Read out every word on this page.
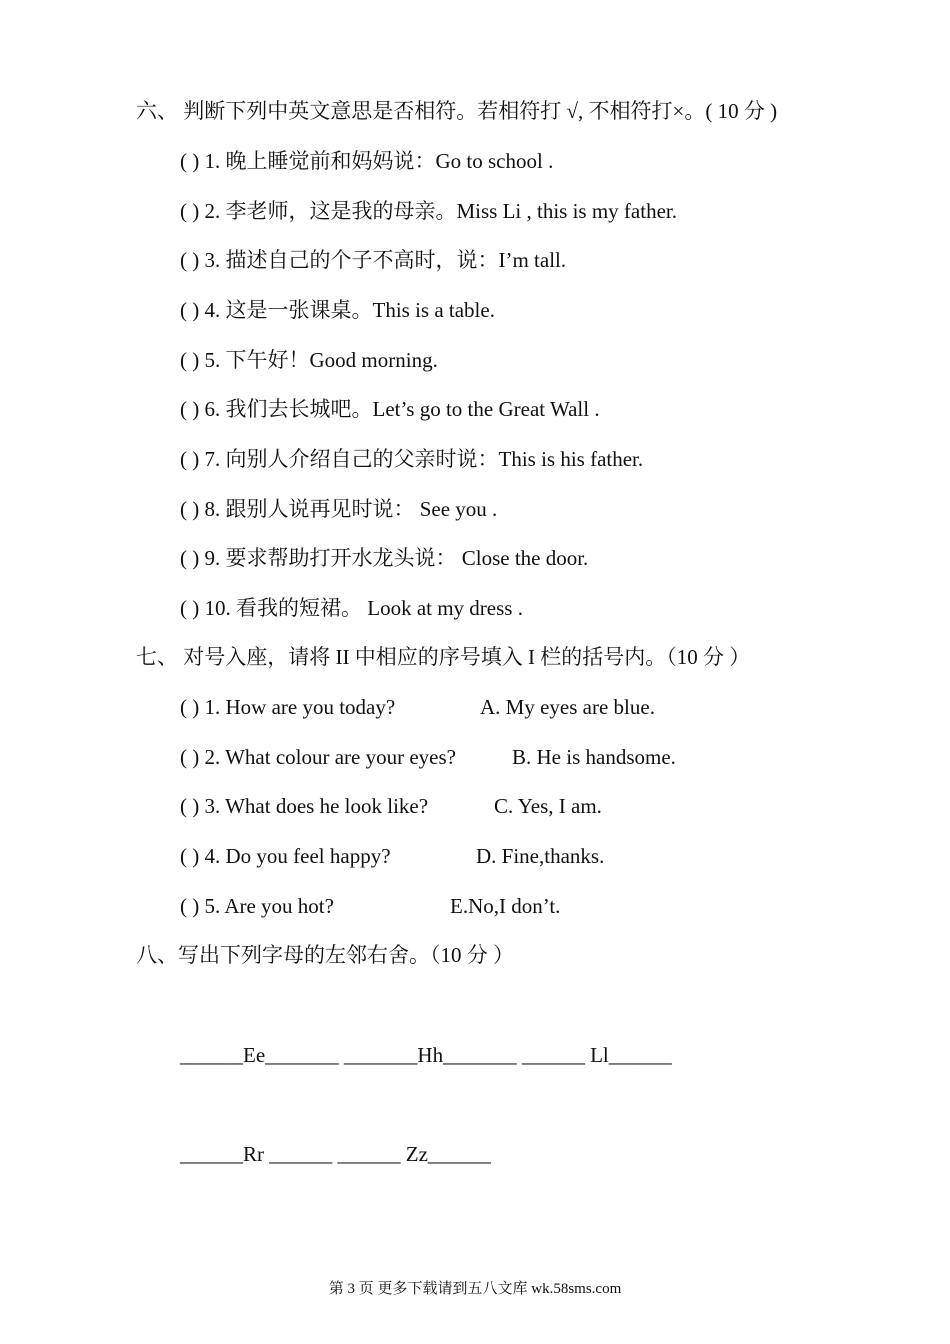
六、 判断下列中英文意思是否相符。若相符打 √, 不相符打×。( 10 分 )
( ) 1. 晚上睡觉前和妈妈说：Go to school .
( ) 2. 李老师，这是我的母亲。Miss Li , this is my father.
( ) 3. 描述自己的个子不高时，说：I’m tall.
( ) 4. 这是一张课桌。This is a table.
( ) 5. 下午好！Good morning.
( ) 6. 我们去长城吧。Let’s go to the Great Wall .
( ) 7. 向别人介绍自己的父亲时说：This is his father.
( ) 8. 跟别人说再见时说： See you .
( ) 9. 要求帮助打开水龙头说： Close the door.
( ) 10. 看我的短裙。 Look at my dress .
七、 对号入座，请将 II 中相应的序号填入 I 栏的括号内。（10 分 ）
( ) 1. How are you today?	A. My eyes are blue.
( ) 2. What colour are your eyes?	B. He is handsome.
( ) 3. What does he look like?	C. Yes, I am.
( ) 4. Do you feel happy?	D. Fine,thanks.
( ) 5. Are you hot?	E.No,I don’t.
八、写出下列字母的左邻右舍。（10 分 ）
______Ee_______ _______Hh_______ ______ Ll______
______Rr ______ ______ Zz______
第 3 页 更多下载请到五八文库 wk.58sms.com
